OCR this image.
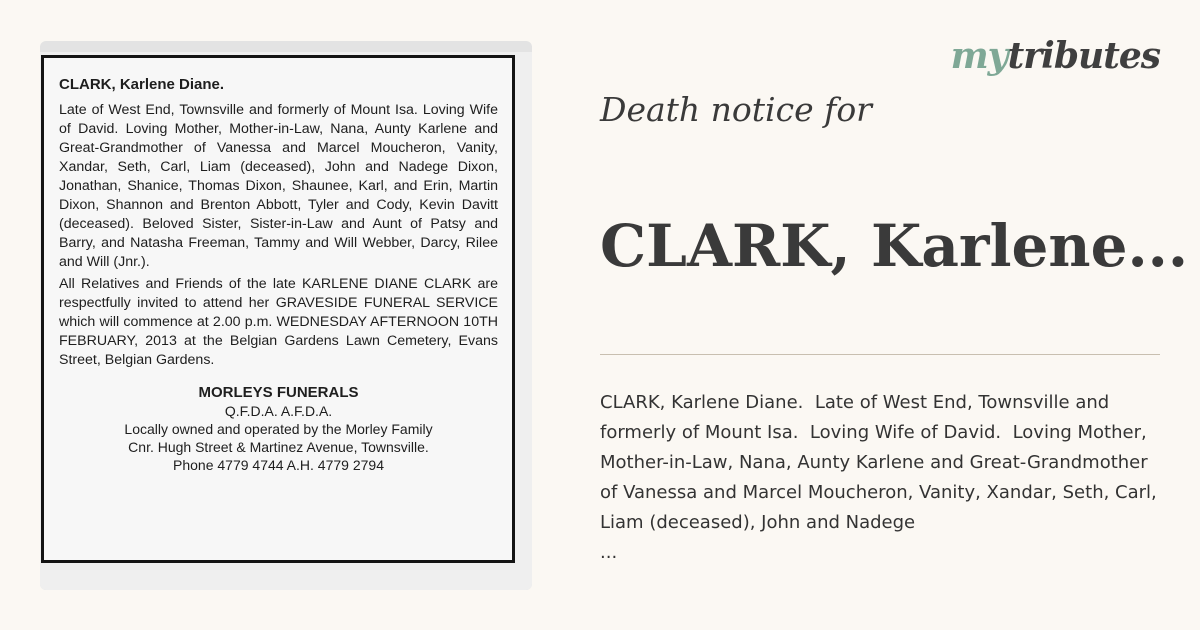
CLARK, Karlene Diane.

Late of West End, Townsville and formerly of Mount Isa. Loving Wife of David. Loving Mother, Mother-in-Law, Nana, Aunty Karlene and Great-Grandmother of Vanessa and Marcel Moucheron, Vanity, Xandar, Seth, Carl, Liam (deceased), John and Nadege Dixon, Jonathan, Shanice, Thomas Dixon, Shaunee, Karl, and Erin, Martin Dixon, Shannon and Brenton Abbott, Tyler and Cody, Kevin Davitt (deceased). Beloved Sister, Sister-in-Law and Aunt of Patsy and Barry, and Natasha Freeman, Tammy and Will Webber, Darcy, Rilee and Will (Jnr.).

All Relatives and Friends of the late KARLENE DIANE CLARK are respectfully invited to attend her GRAVESIDE FUNERAL SERVICE which will commence at 2.00 p.m. WEDNESDAY AFTERNOON 10TH FEBRUARY, 2013 at the Belgian Gardens Lawn Cemetery, Evans Street, Belgian Gardens.

MORLEYS FUNERALS
Q.F.D.A. A.F.D.A.
Locally owned and operated by the Morley Family
Cnr. Hugh Street & Martinez Avenue, Townsville.
Phone 4779 4744 A.H. 4779 2794
mytributes
Death notice for
CLARK, Karlene...
CLARK, Karlene Diane.  Late of West End, Townsville and formerly of Mount Isa.  Loving Wife of David.  Loving Mother, Mother-in-Law, Nana, Aunty Karlene and Great-Grandmother of Vanessa and Marcel Moucheron, Vanity, Xandar, Seth, Carl, Liam (deceased), John and Nadege
...
